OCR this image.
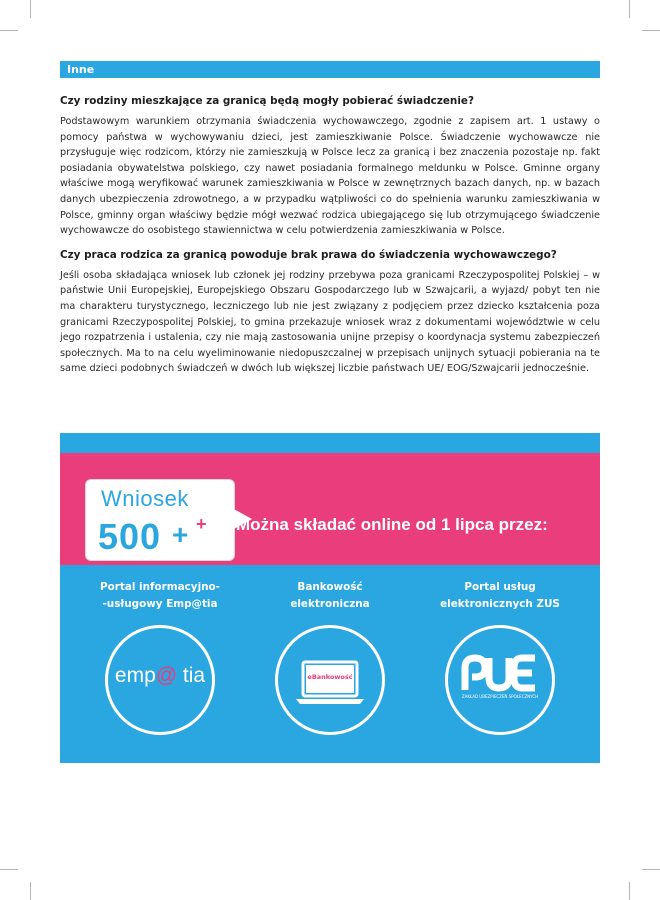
Inne
Czy rodziny mieszkające za granicą będą mogły pobierać świadczenie?
Podstawowym warunkiem otrzymania świadczenia wychowawczego, zgodnie z zapisem art. 1 ustawy o pomocy państwa w wychowywaniu dzieci, jest zamieszkiwanie Polsce. Świadczenie wychowawcze nie przysługuje więc rodzicom, którzy nie zamieszkują w Polsce lecz za granicą i bez znaczenia pozostaje np. fakt posiadania obywatelstwa polskiego, czy nawet posiadania formalnego meldunku w Polsce. Gminne organy właściwe mogą weryfikować warunek zamieszkiwania w Polsce w zewnętrznych bazach danych, np. w bazach danych ubezpieczenia zdrowotnego, a w przypadku wątpliwości co do spełnienia warunku zamieszkiwania w Polsce, gminny organ właściwy będzie mógł wezwać rodzica ubiegającego się lub otrzymującego świadczenie wychowawcze do osobistego stawiennictwa w celu potwierdzenia zamieszkiwania w Polsce.
Czy praca rodzica za granicą powoduje brak prawa do świadczenia wychowawczego?
Jeśli osoba składająca wniosek lub członek jej rodziny przebywa poza granicami Rzeczypospolitej Polskiej – w państwie Unii Europejskiej, Europejskiego Obszaru Gospodarczego lub w Szwajcarii, a wyjazd/ pobyt ten nie ma charakteru turystycznego, leczniczego lub nie jest związany z podjęciem przez dziecko kształcenia poza granicami Rzeczypospolitej Polskiej, to gmina przekazuje wniosek wraz z dokumentami województwie w celu jego rozpatrzenia i ustalenia, czy nie mają zastosowania unijne przepisy o koordynacja systemu zabezpieczeń społecznych. Ma to na celu wyeliminowanie niedopuszczalnej w przepisach unijnych sytuacji pobierania na te same dzieci podobnych świadczeń w dwóch lub większej liczbie państwach UE/ EOG/Szwajcarii jednocześnie.
Wniosek
500 + + Można składać online od 1 lipca przez:
Portal informacyjno-
-usługowy Emp@tia
emp@ tia
Bankowość
elektroniczna
eBankowość
Portal usług
elektronicznych ZUS
ZAKŁAD UBEZPIECZEŃ SPOŁECZNYCH
